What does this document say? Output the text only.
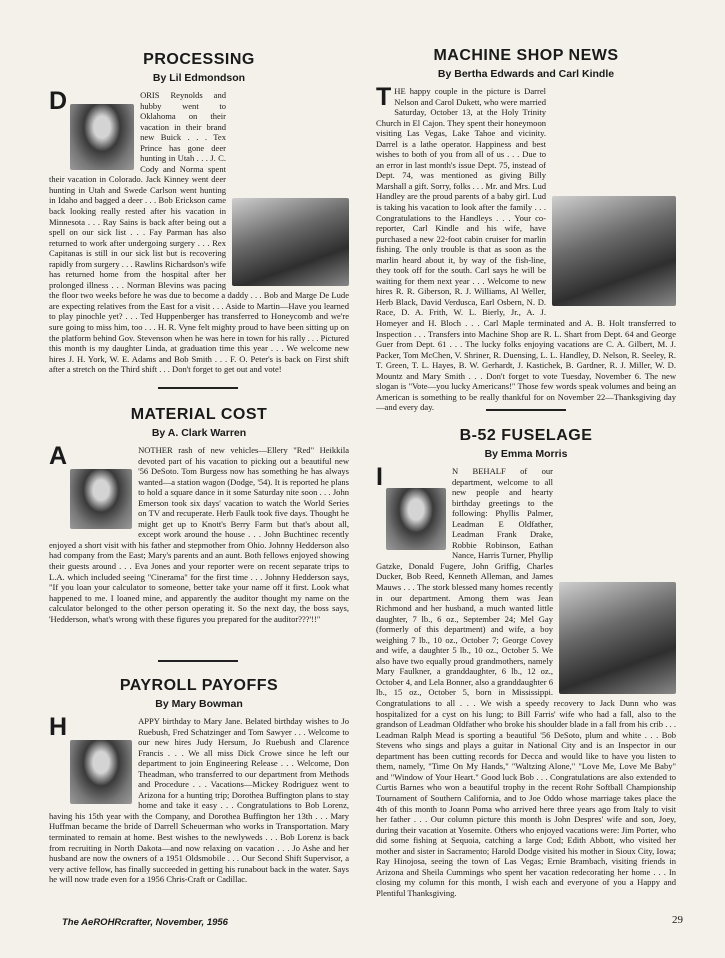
PROCESSING
By Lil Edmondson
D	ORIS Reynolds and hubby went to Oklahoma on their vacation in their brand new Buick . . . Tex Prince has gone deer hunting in Utah . . . J. C. Cody and Norma spent their vacation in Colorado. Jack Kinney went deer hunting in Utah and Swede Carlson went hunting in Idaho and bagged a deer . . . Bob Erickson came back looking really rested after his vacation in Minnesota . . . Ray Sains is back after being out a spell on our sick list . . . Fay Parman has also returned to work after undergoing surgery . . . Rex Capitanas is still in our sick list but is recovering rapidly from surgery . . . Rawlins Richardson's wife has returned home from the hospital after her prolonged illness . . . Norman Blevins was pacing the floor two weeks before he was due to become a daddy . . . Bob and Marge De Lude are expecting relatives from the East for a visit . . . Aside to Martin—Have you learned to play pinochle yet? . . . Ted Huppenberger has transferred to Honeycomb and we're sure going to miss him, too . . . H. R. Vyne felt mighty proud to have been sitting up on the platform behind Gov. Stevenson when he was here in town for his rally . . . Pictured this month is my daughter Linda, at graduation time this year . . . We welcome new hires J. H. York, W. E. Adams and Bob Smith . . . F. O. Peter's is back on First shift after a stretch on the Third shift . . . Don't forget to get out and vote!
MATERIAL COST
By A. Clark Warren
A	NOTHER rash of new vehicles—Ellery "Red" Heikkila devoted part of his vacation to picking out a beautiful new '56 DeSoto. Tom Burgess now has something he has always wanted—a station wagon (Dodge, '54). It is reported he plans to hold a square dance in it some Saturday nite soon . . . John Emerson took six days' vacation to watch the World Series on TV and recuperate. Herb Faulk took five days. Thought he might get up to Knott's Berry Farm but that's about all, except work around the house . . . John Buchtinec recently enjoyed a short visit with his father and stepmother from Ohio. Johnny Hedderson also had company from the East; Mary's parents and an aunt. Both fellows enjoyed showing their guests around . . . Eva Jones and your reporter were on recent separate trips to L.A. which included seeing "Cinerama" for the first time . . . Johnny Hedderson says, "If you loan your calculator to someone, better take your name off it first. Look what happened to me. I loaned mine, and apparently the auditor thought my name on the calculator belonged to the other person operating it. So the next day, the boss says, 'Hedderson, what's wrong with these figures you prepared for the auditor???'!!"
PAYROLL PAYOFFS
By Mary Bowman
H	APPY birthday to Mary Jane. Belated birthday wishes to Jo Ruebush, Fred Schatzinger and Tom Sawyer . . . Welcome to our new hires Judy Hersum, Jo Ruebush and Clarence Francis . . . We all miss Dick Crowe since he left our department to join Engineering Release . . . Welcome, Don Theadman, who transferred to our department from Methods and Procedure . . . Vacations—Mickey Rodriguez went to Arizona for a hunting trip; Dorothea Buffington plans to stay home and take it easy . . . Congratulations to Bob Lorenz, having his 15th year with the Company, and Dorothea Buffington her 13th . . . Mary Huffman became the bride of Darrell Scheuerman who works in Transportation. Mary terminated to remain at home. Best wishes to the newlyweds . . . Bob Lorenz is back from recruiting in North Dakota—and now relaxing on vacation . . . Jo Ashe and her husband are now the owners of a 1951 Oldsmobile . . . Our Second Shift Supervisor, a very active fellow, has finally succeeded in getting his runabout back in the water. Says he will now trade even for a 1956 Chris-Craft or Cadillac.
MACHINE SHOP NEWS
By Bertha Edwards and Carl Kindle
T HE happy couple in the picture is Darrel Nelson and Carol Dukett, who were married Saturday, October 13, at the Holy Trinity Church in El Cajon. They spent their honeymoon visiting Las Vegas, Lake Tahoe and vicinity. Darrel is a lathe operator. Happiness and best wishes to both of you from all of us . . . Due to an error in last month's issue Dept. 75, instead of Dept. 74, was mentioned as giving Billy Marshall a gift. Sorry, folks . . . Mr. and Mrs. Lud Handley are the proud parents of a baby girl. Lud is taking his vacation to look after the family . . . Congratulations to the Handleys . . . Your co-reporter, Carl Kindle and his wife, have purchased a new 22-foot cabin cruiser for marlin fishing. The only trouble is that as soon as the marlin heard about it, by way of the fish-line, they took off for the south. Carl says he will be waiting for them next year . . . Welcome to new hires R. R. Giberson, R. J. Williams, Al Weller, Herb Black, David Verdusca, Earl Osbern, N. D. Race, D. A. Frith, W. L. Bierly, Jr., A. J. Homeyer and H. Bloch . . . Carl Maple terminated and A. B. Holt transferred to Inspection . . . Transfers into Machine Shop are R. L. Shart from Dept. 64 and George Guer from Dept. 61 . . . The lucky folks enjoying vacations are C. A. Gilbert, M. J. Packer, Tom McChen, V. Shriner, R. Duensing, L. L. Handley, D. Nelson, R. Seeley, R. T. Green, T. L. Hayes, B. W. Gerhardt, J. Kastichek, B. Gardner, R. J. Miller, W. D. Mountz and Mary Smith . . . Don't forget to vote Tuesday, November 6. The new slogan is "Vote—you lucky Americans!" Those few words speak volumes and being an American is something to be really thankful for on November 22—Thanksgiving day—and every day.
B-52 FUSELAGE
By Emma Morris
I	N BEHALF of our department, welcome to all new people and hearty birthday greetings to the following: Phyllis Palmer, Leadman E Oldfather, Leadman Frank Drake, Robbie Robinson, Eathan Nance, Harris Turner, Phyllip Gatzke, Donald Fugere, John Griffig, Charles Ducker, Bob Reed, Kenneth Alleman, and James Mauws . . . The stork blessed many homes recently in our department. Among them was Jean Richmond and her husband, a much wanted little daughter, 7 lb., 6 oz., September 24; Mel Gay (formerly of this department) and wife, a boy weighing 7 lb., 10 oz., October 7; George Covey and wife, a daughter 5 lb., 10 oz., October 5. We also have two equally proud grandmothers, namely Mary Faulkner, a granddaughter, 6 lb., 12 oz., October 4, and Lela Bonner, also a granddaughter 6 lb., 15 oz., October 5, born in Mississippi. Congratulations to all . . . We wish a speedy recovery to Jack Dunn who was hospitalized for a cyst on his lung; to Bill Farris' wife who had a fall, also to the grandson of Leadman Oldfather who broke his shoulder blade in a fall from his crib . . . Leadman Ralph Mead is sporting a beautiful '56 DeSoto, plum and white . . . Bob Stevens who sings and plays a guitar in National City and is an Inspector in our department has been cutting records for Decca and would like to have you listen to them, namely, "Time On My Hands," "Waltzing Alone," "Love Me, Love Me Baby" and "Window of Your Heart." Good luck Bob . . . Congratulations are also extended to Curtis Barnes who won a beautiful trophy in the recent Rohr Softball Championship Tournament of Southern California, and to Joe Oddo whose marriage takes place the 4th of this month to Joann Poma who arrived here three years ago from Italy to visit her father . . . Our column picture this month is John Despres' wife and son, Joey, during their vacation at Yosemite. Others who enjoyed vacations were: Jim Porter, who did some fishing at Sequoia, catching a large Cod; Edith Abbott, who visited her mother and sister in Sacramento; Harold Dodge visited his mother in Sioux City, Iowa; Ray Hinojosa, seeing the town of Las Vegas; Ernie Brambach, visiting friends in Arizona and Sheila Cummings who spent her vacation redecorating her home . . . In closing my column for this month, I wish each and everyone of you a Happy and Plentiful Thanksgiving.
The AeROHRcrafter, November, 1956	29
